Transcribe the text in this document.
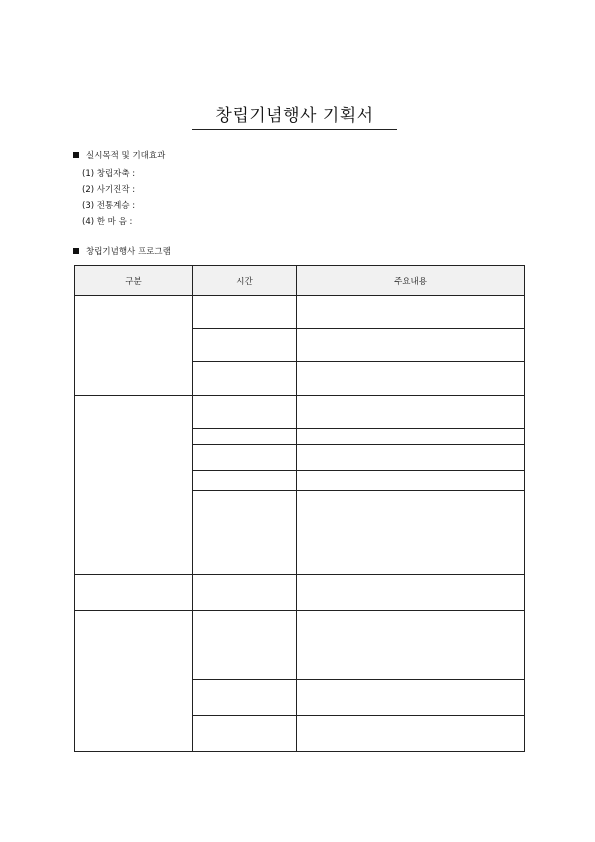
창립기념행사 기획서
실시목적 및 기대효과
(1) 창립자축 :
(2) 사기진작 :
(3) 전통계승 :
(4) 한 마 음 :
창립기념행사 프로그램
구분	시간	주요내용
